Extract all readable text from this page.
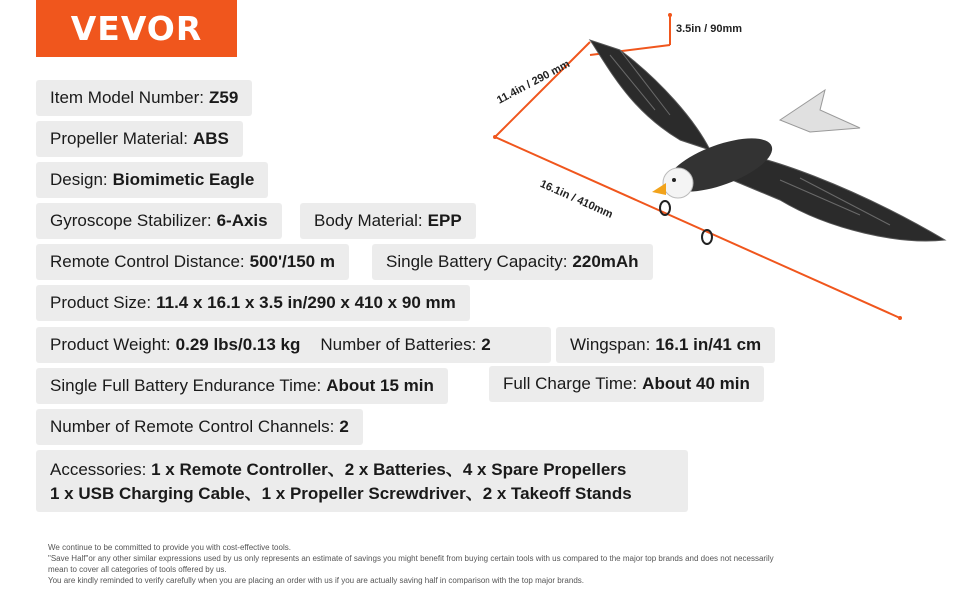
VEVOR
Item Model Number: Z59
Propeller Material: ABS
Design: Biomimetic Eagle
Gyroscope Stabilizer: 6-Axis	Body Material: EPP
Remote Control Distance: 500'/150 m	Single Battery Capacity: 220mAh
Product Size: 11.4 x 16.1 x 3.5 in/290 x 410 x 90 mm
Product Weight: 0.29 lbs/0.13 kg Number of Batteries: 2	Wingspan: 16.1 in/41 cm
Single Full Battery Endurance Time: About 15 min	Full Charge Time: About 40 min
Number of Remote Control Channels: 2
Accessories: 1 x Remote Controller、2 x Batteries、4 x Spare Propellers
1 x USB Charging Cable、1 x Propeller Screwdriver、2 x Takeoff Stands
3.5in / 90mm
11.4in / 290 mm
16.1in / 410mm
We continue to be committed to provide you with cost-effective tools.
"Save Half"or any other similar expressions used by us only represents an estimate of savings you might benefit from buying certain tools with us compared to the major top brands and does not necessarily
mean to cover all categories of tools offered by us.
You are kindly reminded to verify carefully when you are placing an order with us if you are actually saving half in comparison with the top major brands.
